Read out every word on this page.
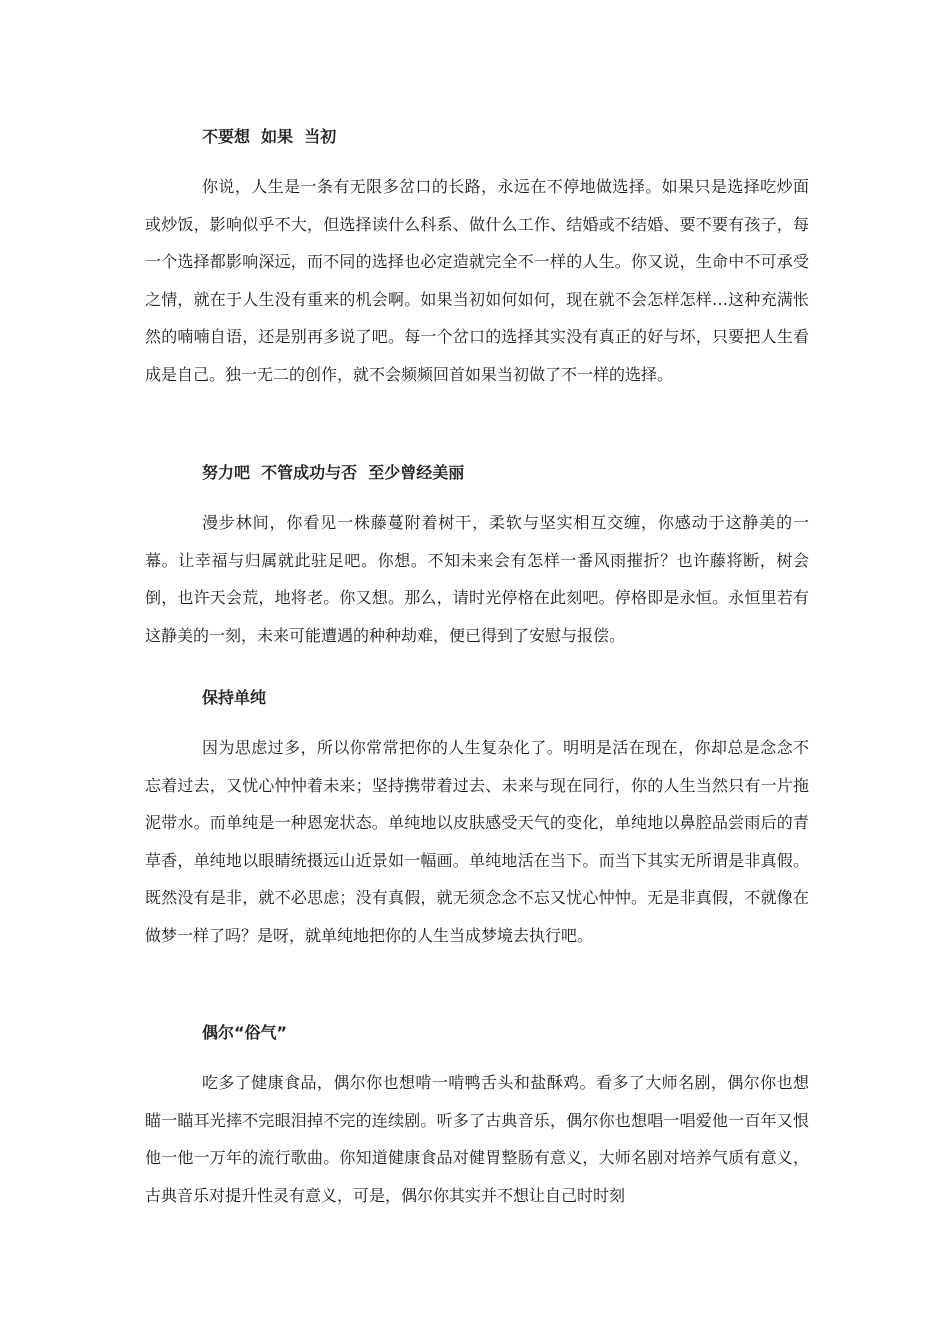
不要想  如果  当初

你说，人生是一条有无限多岔口的长路，永远在不停地做选择。如果只是选择吃炒面或炒饭，影响似乎不大，但选择读什么科系、做什么工作、结婚或不结婚、要不要有孩子，每一个选择都影响深远，而不同的选择也必定造就完全不一样的人生。你又说，生命中不可承受之情，就在于人生没有重来的机会啊。如果当初如何如何，现在就不会怎样怎样…这种充满怅然的喃喃自语，还是别再多说了吧。每一个岔口的选择其实没有真正的好与坏，只要把人生看成是自己。独一无二的创作，就不会频频回首如果当初做了不一样的选择。

努力吧  不管成功与否  至少曾经美丽

漫步林间，你看见一株藤蔓附着树干，柔软与坚实相互交缠，你感动于这静美的一幕。让幸福与归属就此驻足吧。你想。不知未来会有怎样一番风雨摧折？也许藤将断，树会倒，也许天会荒，地将老。你又想。那么，请时光停格在此刻吧。停格即是永恒。永恒里若有这静美的一刻，未来可能遭遇的种种劫难，便已得到了安慰与报偿。

保持单纯

因为思虑过多，所以你常常把你的人生复杂化了。明明是活在现在，你却总是念念不忘着过去，又忧心忡忡着未来；坚持携带着过去、未来与现在同行，你的人生当然只有一片拖泥带水。而单纯是一种恩宠状态。单纯地以皮肤感受天气的变化，单纯地以鼻腔品尝雨后的青草香，单纯地以眼睛统摄远山近景如一幅画。单纯地活在当下。而当下其实无所谓是非真假。既然没有是非，就不必思虑；没有真假，就无须念念不忘又忧心忡忡。无是非真假，不就像在做梦一样了吗？是呀，就单纯地把你的人生当成梦境去执行吧。

偶尔“俗气”

吃多了健康食品，偶尔你也想啃一啃鸭舌头和盐酥鸡。看多了大师名剧，偶尔你也想瞄一瞄耳光摔不完眼泪掉不完的连续剧。听多了古典音乐，偶尔你也想唱一唱爱他一百年又恨他一他一万年的流行歌曲。你知道健康食品对健胃整肠有意义，大师名剧对培养气质有意义，古典音乐对提升性灵有意义，可是，偶尔你其实并不想让自己时时刻
